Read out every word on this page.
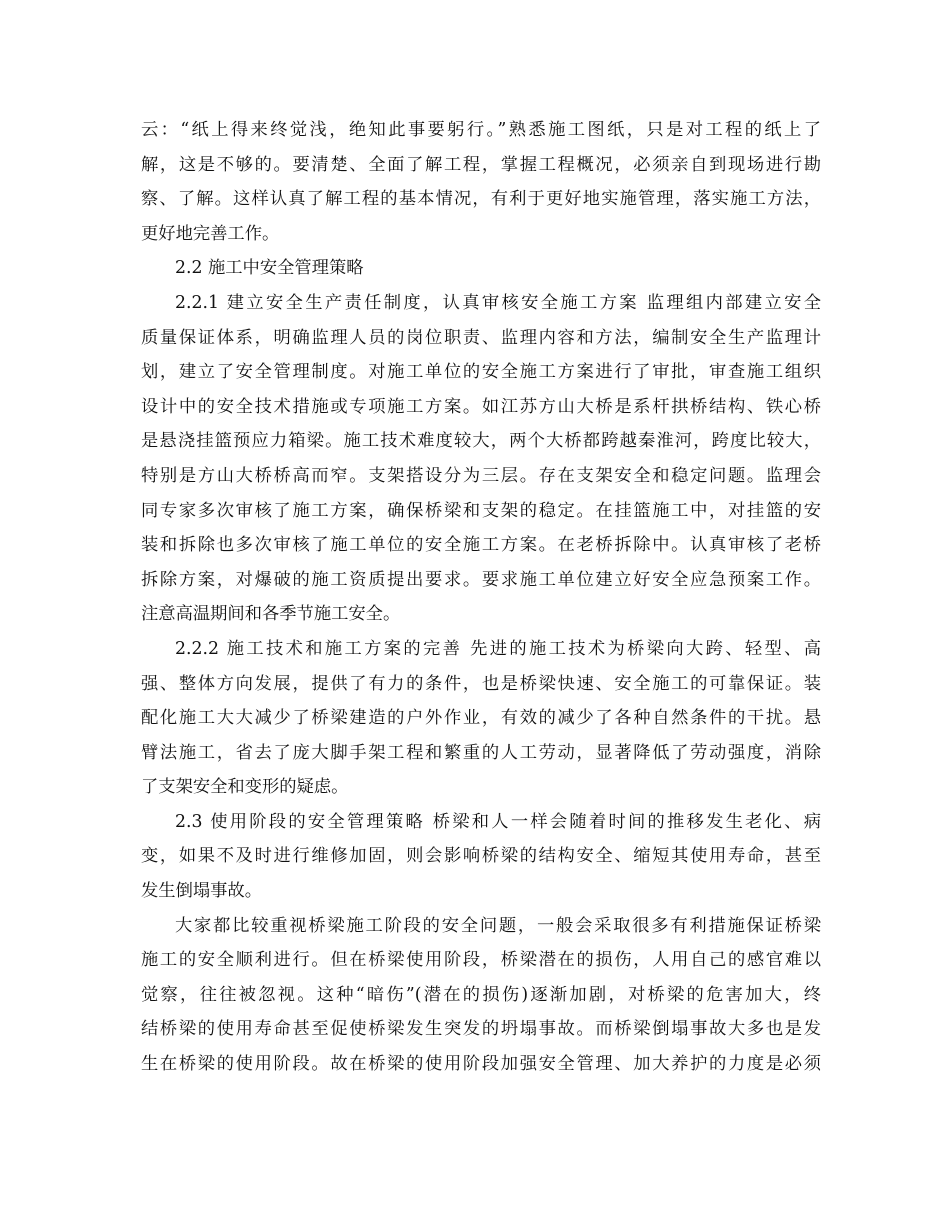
云：“纸上得来终觉浅，绝知此事要躬行。”熟悉施工图纸，只是对工程的纸上了
解，这是不够的。要清楚、全面了解工程，掌握工程概况，必须亲自到现场进行勘
察、了解。这样认真了解工程的基本情况，有利于更好地实施管理，落实施工方法，
更好地完善工作。
2.2 施工中安全管理策略
2.2.1 建立安全生产责任制度，认真审核安全施工方案 监理组内部建立安全
质量保证体系，明确监理人员的岗位职责、监理内容和方法，编制安全生产监理计
划，建立了安全管理制度。对施工单位的安全施工方案进行了审批，审查施工组织
设计中的安全技术措施或专项施工方案。如江苏方山大桥是系杆拱桥结构、铁心桥
是悬浇挂篮预应力箱梁。施工技术难度较大，两个大桥都跨越秦淮河，跨度比较大，
特别是方山大桥桥高而窄。支架搭设分为三层。存在支架安全和稳定问题。监理会
同专家多次审核了施工方案，确保桥梁和支架的稳定。在挂篮施工中，对挂篮的安
装和拆除也多次审核了施工单位的安全施工方案。在老桥拆除中。认真审核了老桥
拆除方案，对爆破的施工资质提出要求。要求施工单位建立好安全应急预案工作。
注意高温期间和各季节施工安全。
2.2.2 施工技术和施工方案的完善 先进的施工技术为桥梁向大跨、轻型、高
强、整体方向发展，提供了有力的条件，也是桥梁快速、安全施工的可靠保证。装
配化施工大大减少了桥梁建造的户外作业，有效的减少了各种自然条件的干扰。悬
臂法施工，省去了庞大脚手架工程和繁重的人工劳动，显著降低了劳动强度，消除
了支架安全和变形的疑虑。
2.3 使用阶段的安全管理策略 桥梁和人一样会随着时间的推移发生老化、病
变，如果不及时进行维修加固，则会影响桥梁的结构安全、缩短其使用寿命，甚至
发生倒塌事故。
大家都比较重视桥梁施工阶段的安全问题，一般会采取很多有利措施保证桥梁
施工的安全顺利进行。但在桥梁使用阶段，桥梁潜在的损伤，人用自己的感官难以
觉察，往往被忽视。这种“暗伤”(潜在的损伤)逐渐加剧，对桥梁的危害加大，终
结桥梁的使用寿命甚至促使桥梁发生突发的坍塌事故。而桥梁倒塌事故大多也是发
生在桥梁的使用阶段。故在桥梁的使用阶段加强安全管理、加大养护的力度是必须
